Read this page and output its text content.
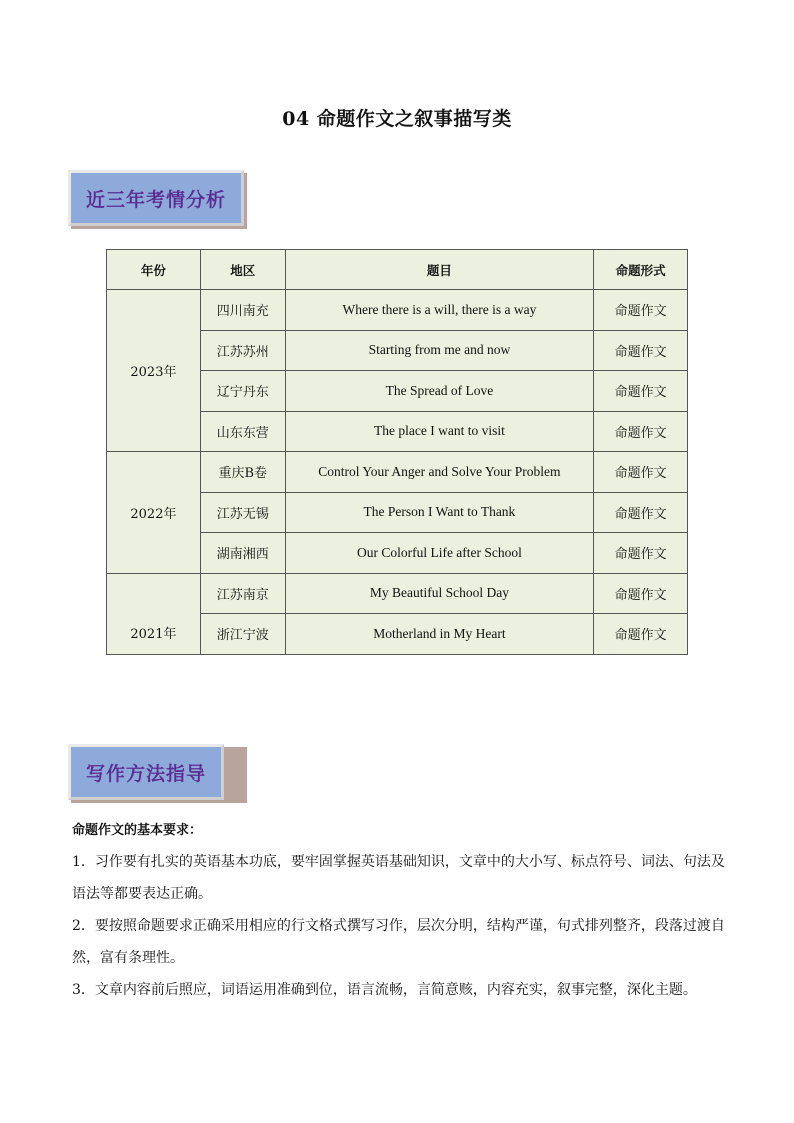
04 命题作文之叙事描写类
近三年考情分析
年份	地区	题目	命题形式
2023年	四川南充	Where there is a will, there is a way	命题作文
	江苏苏州	Starting from me and now	命题作文
	辽宁丹东	The Spread of Love	命题作文
	山东东营	The place I want to visit	命题作文
2022年	重庆B卷	Control Your Anger and Solve Your Problem	命题作文
	江苏无锡	The Person I Want to Thank	命题作文
	湖南湘西	Our Colorful Life after School	命题作文

2021年	江苏南京	My Beautiful School Day	命题作文
	浙江宁波	Motherland in My Heart	命题作文
写作方法指导
命题作文的基本要求：

1．习作要有扎实的英语基本功底，要牢固掌握英语基础知识，文章中的大小写、标点符号、词法、句法及语法等都要表达正确。

2．要按照命题要求正确采用相应的行文格式撰写习作，层次分明，结构严谨，句式排列整齐，段落过渡自然，富有条理性。

3．文章内容前后照应，词语运用准确到位，语言流畅，言简意赅，内容充实，叙事完整，深化主题。
